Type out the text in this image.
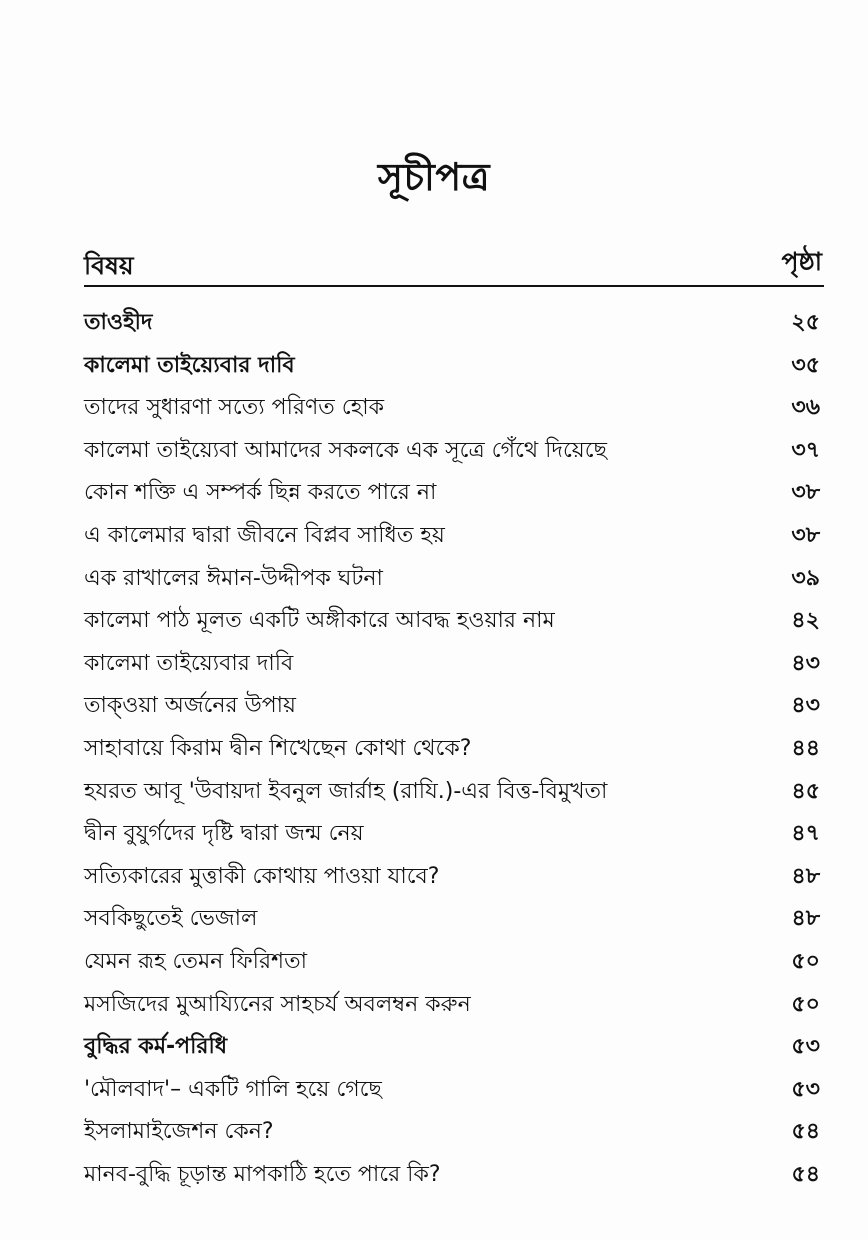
সূচীপত্র
বিষয়	পৃষ্ঠা
তাওহীদ	২৫
কালেমা তাইয়্যেবার দাবি	৩৫
তাদের সুধারণা সত্যে পরিণত হোক	৩৬
কালেমা তাইয়্যেবা আমাদের সকলকে এক সূত্রে গেঁথে দিয়েছে	৩৭
কোন শক্তি এ সম্পর্ক ছিন্ন করতে পারে না	৩৮
এ কালেমার দ্বারা জীবনে বিপ্লব সাধিত হয়	৩৮
এক রাখালের ঈমান-উদ্দীপক ঘটনা	৩৯
কালেমা পাঠ মূলত একটি অঙ্গীকারে আবদ্ধ হওয়ার নাম	৪২
কালেমা তাইয়্যেবার দাবি	৪৩
তাক্ওয়া অর্জনের উপায়	৪৩
সাহাবায়ে কিরাম দ্বীন শিখেছেন কোথা থেকে?	৪৪
হযরত আবূ 'উবায়দা ইবনুল জার্রাহ (রাযি.)-এর বিত্ত-বিমুখতা	৪৫
দ্বীন বুযুর্গদের দৃষ্টি দ্বারা জন্ম নেয়	৪৭
সত্যিকারের মুত্তাকী কোথায় পাওয়া যাবে?	৪৮
সবকিছুতেই ভেজাল	৪৮
যেমন রূহ তেমন ফিরিশতা	৫০
মসজিদের মুআয্যিনের সাহচর্য অবলম্বন করুন	৫০
বুদ্ধির কর্ম-পরিধি	৫৩
'মৌলবাদ'– একটি গালি হয়ে গেছে	৫৩
ইসলামাইজেশন কেন?	৫৪
মানব-বুদ্ধি চূড়ান্ত মাপকাঠি হতে পারে কি?	৫৪
